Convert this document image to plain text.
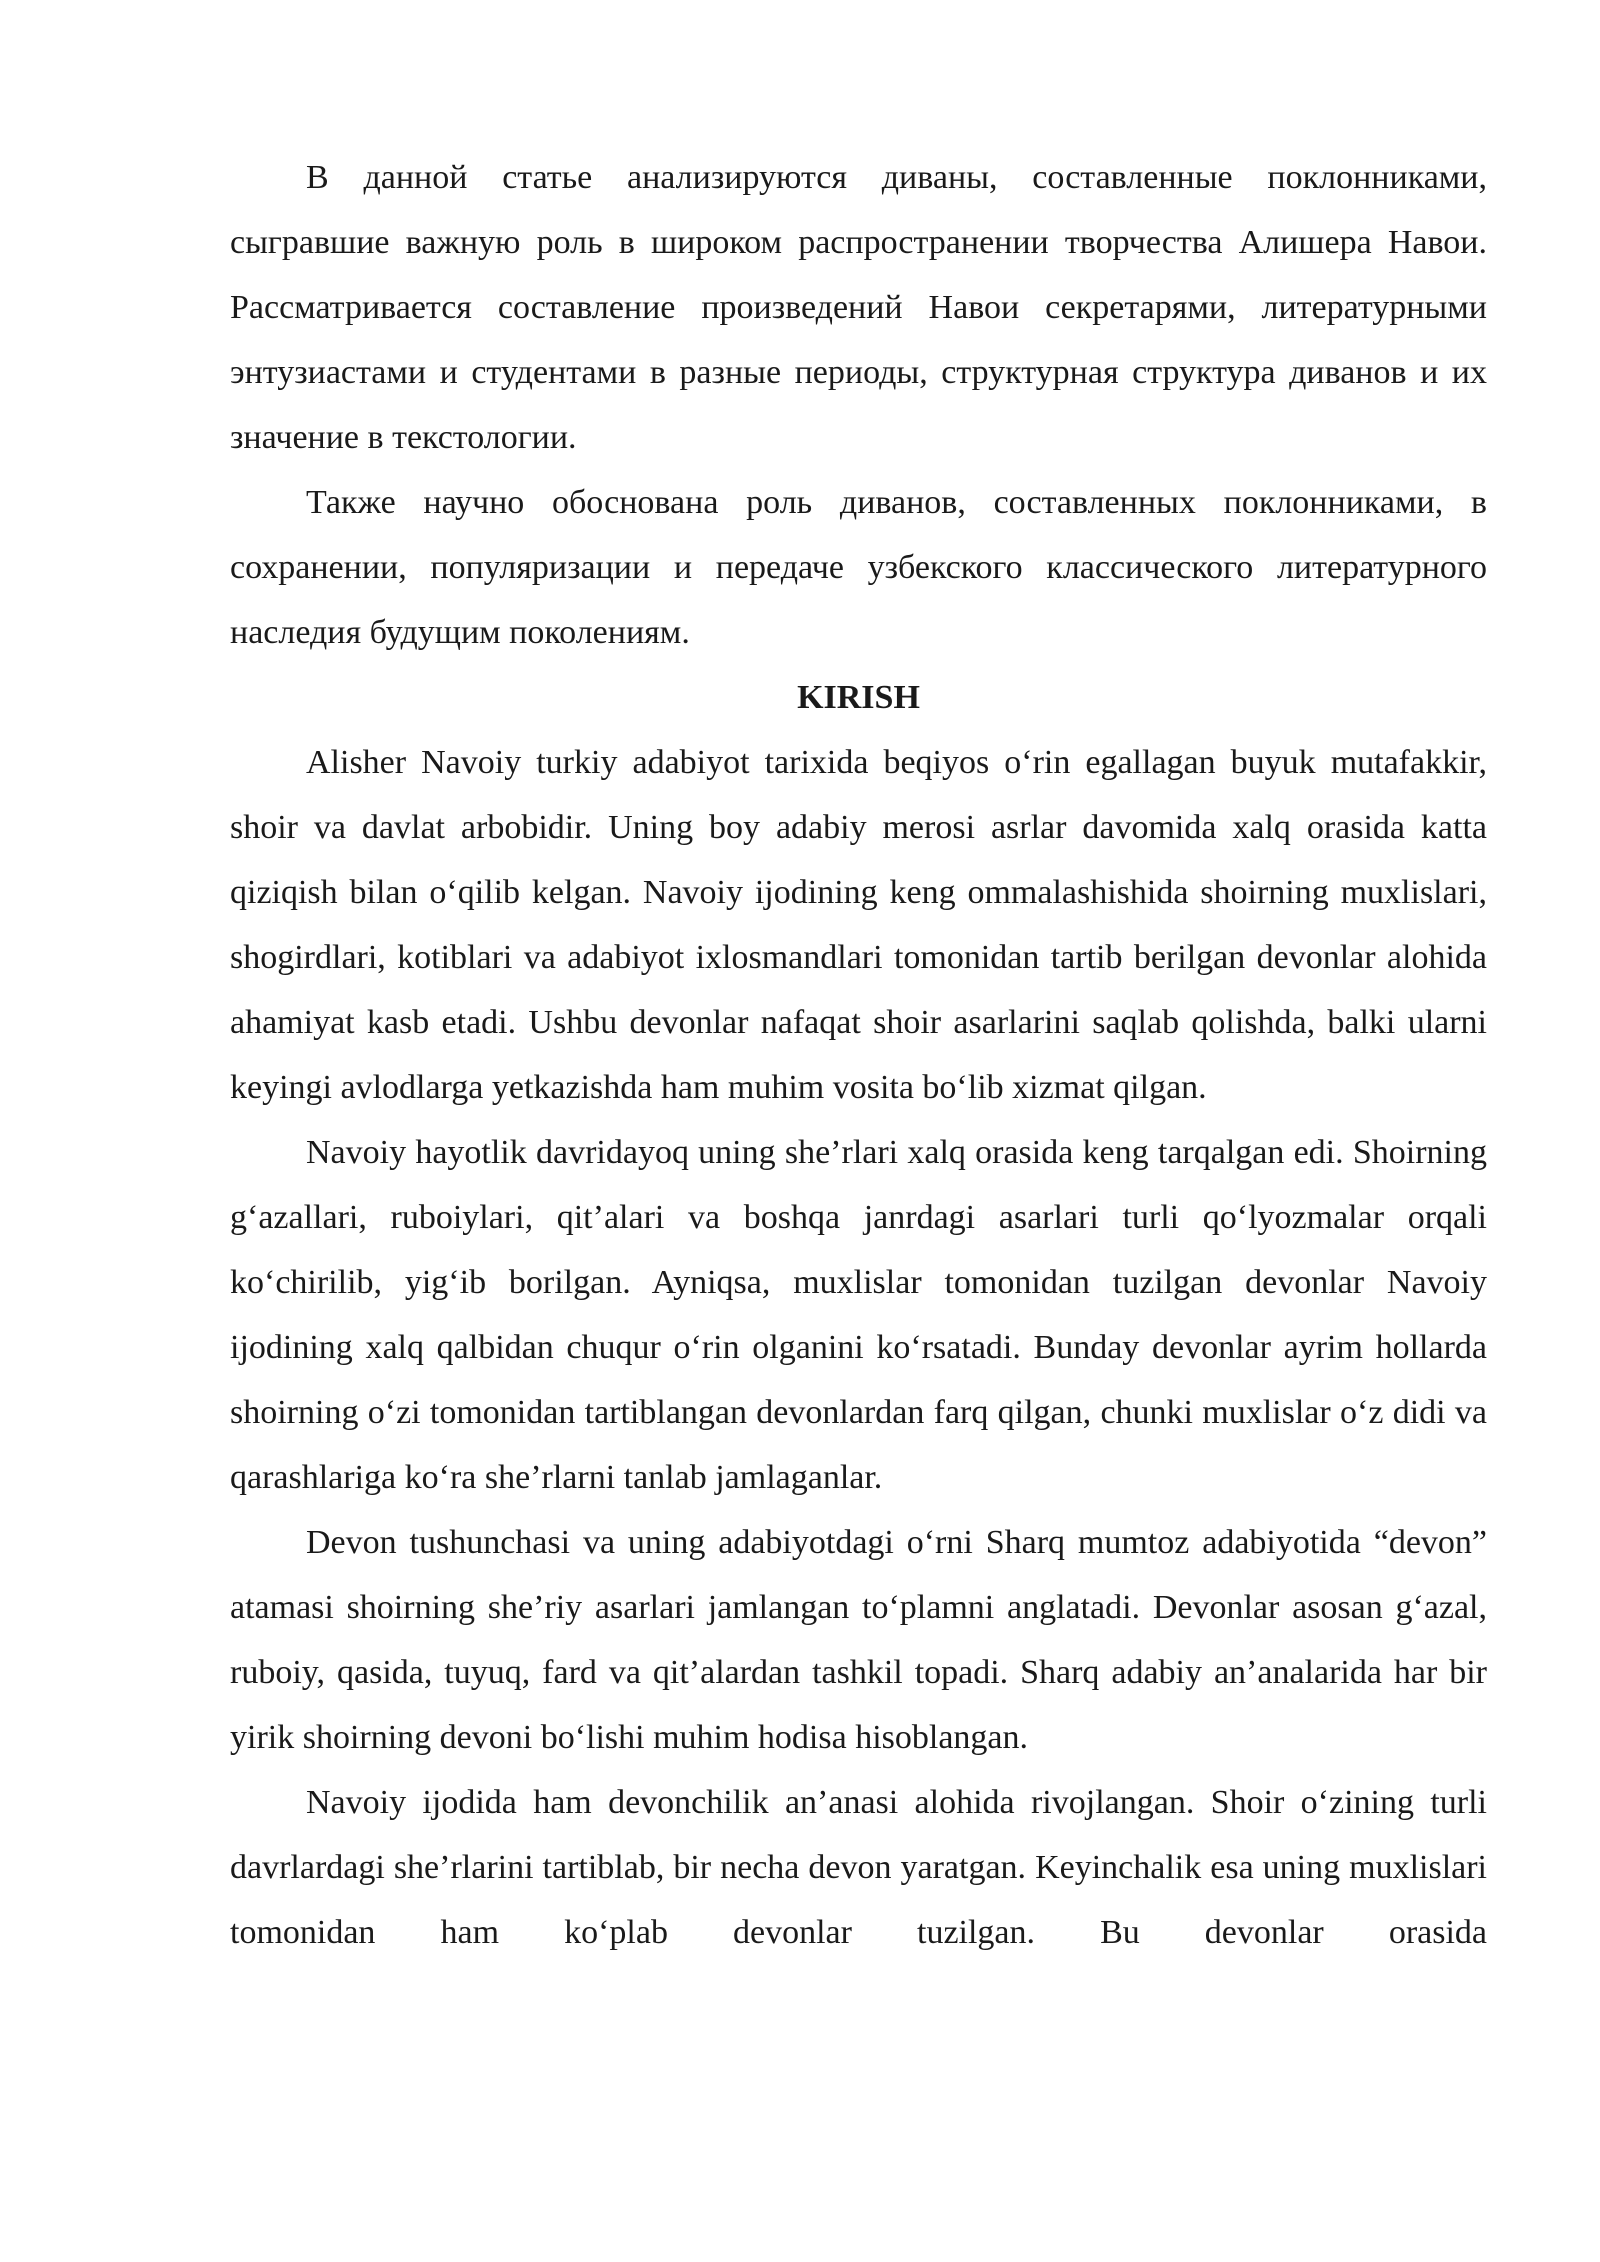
В данной статье анализируются диваны, составленные поклонниками, сыгравшие важную роль в широком распространении творчества Алишера Навои. Рассматривается составление произведений Навои секретарями, литературными энтузиастами и студентами в разные периоды, структурная структура диванов и их значение в текстологии.

Также научно обоснована роль диванов, составленных поклонниками, в сохранении, популяризации и передаче узбекского классического литературного наследия будущим поколениям.

KIRISH

Alisher Navoiy turkiy adabiyot tarixida beqiyos o‘rin egallagan buyuk mutafakkir, shoir va davlat arbobidir. Uning boy adabiy merosi asrlar davomida xalq orasida katta qiziqish bilan o‘qilib kelgan. Navoiy ijodining keng ommalashishida shoirning muxlislari, shogirdlari, kotiblari va adabiyot ixlosmandlari tomonidan tartib berilgan devonlar alohida ahamiyat kasb etadi. Ushbu devonlar nafaqat shoir asarlarini saqlab qolishda, balki ularni keyingi avlodlarga yetkazishda ham muhim vosita bo‘lib xizmat qilgan.

Navoiy hayotlik davridayoq uning she’rlari xalq orasida keng tarqalgan edi. Shoirning g‘azallari, ruboiylari, qit’alari va boshqa janrdagi asarlari turli qo‘lyozmalar orqali ko‘chirilib, yig‘ib borilgan. Ayniqsa, muxlislar tomonidan tuzilgan devonlar Navoiy ijodining xalq qalbidan chuqur o‘rin olganini ko‘rsatadi. Bunday devonlar ayrim hollarda shoirning o‘zi tomonidan tartiblangan devonlardan farq qilgan, chunki muxlislar o‘z didi va qarashlariga ko‘ra she’rlarni tanlab jamlaganlar.

Devon tushunchasi va uning adabiyotdagi o‘rni Sharq mumtoz adabiyotida “devon” atamasi shoirning she’riy asarlari jamlangan to‘plamni anglatadi. Devonlar asosan g‘azal, ruboiy, qasida, tuyuq, fard va qit’alardan tashkil topadi. Sharq adabiy an’analarida har bir yirik shoirning devoni bo‘lishi muhim hodisa hisoblangan.

Navoiy ijodida ham devonchilik an’anasi alohida rivojlangan. Shoir o‘zining turli davrlardagi she’rlarini tartiblab, bir necha devon yaratgan. Keyinchalik esa uning muxlislari tomonidan ham ko‘plab devonlar tuzilgan. Bu devonlar orasida
